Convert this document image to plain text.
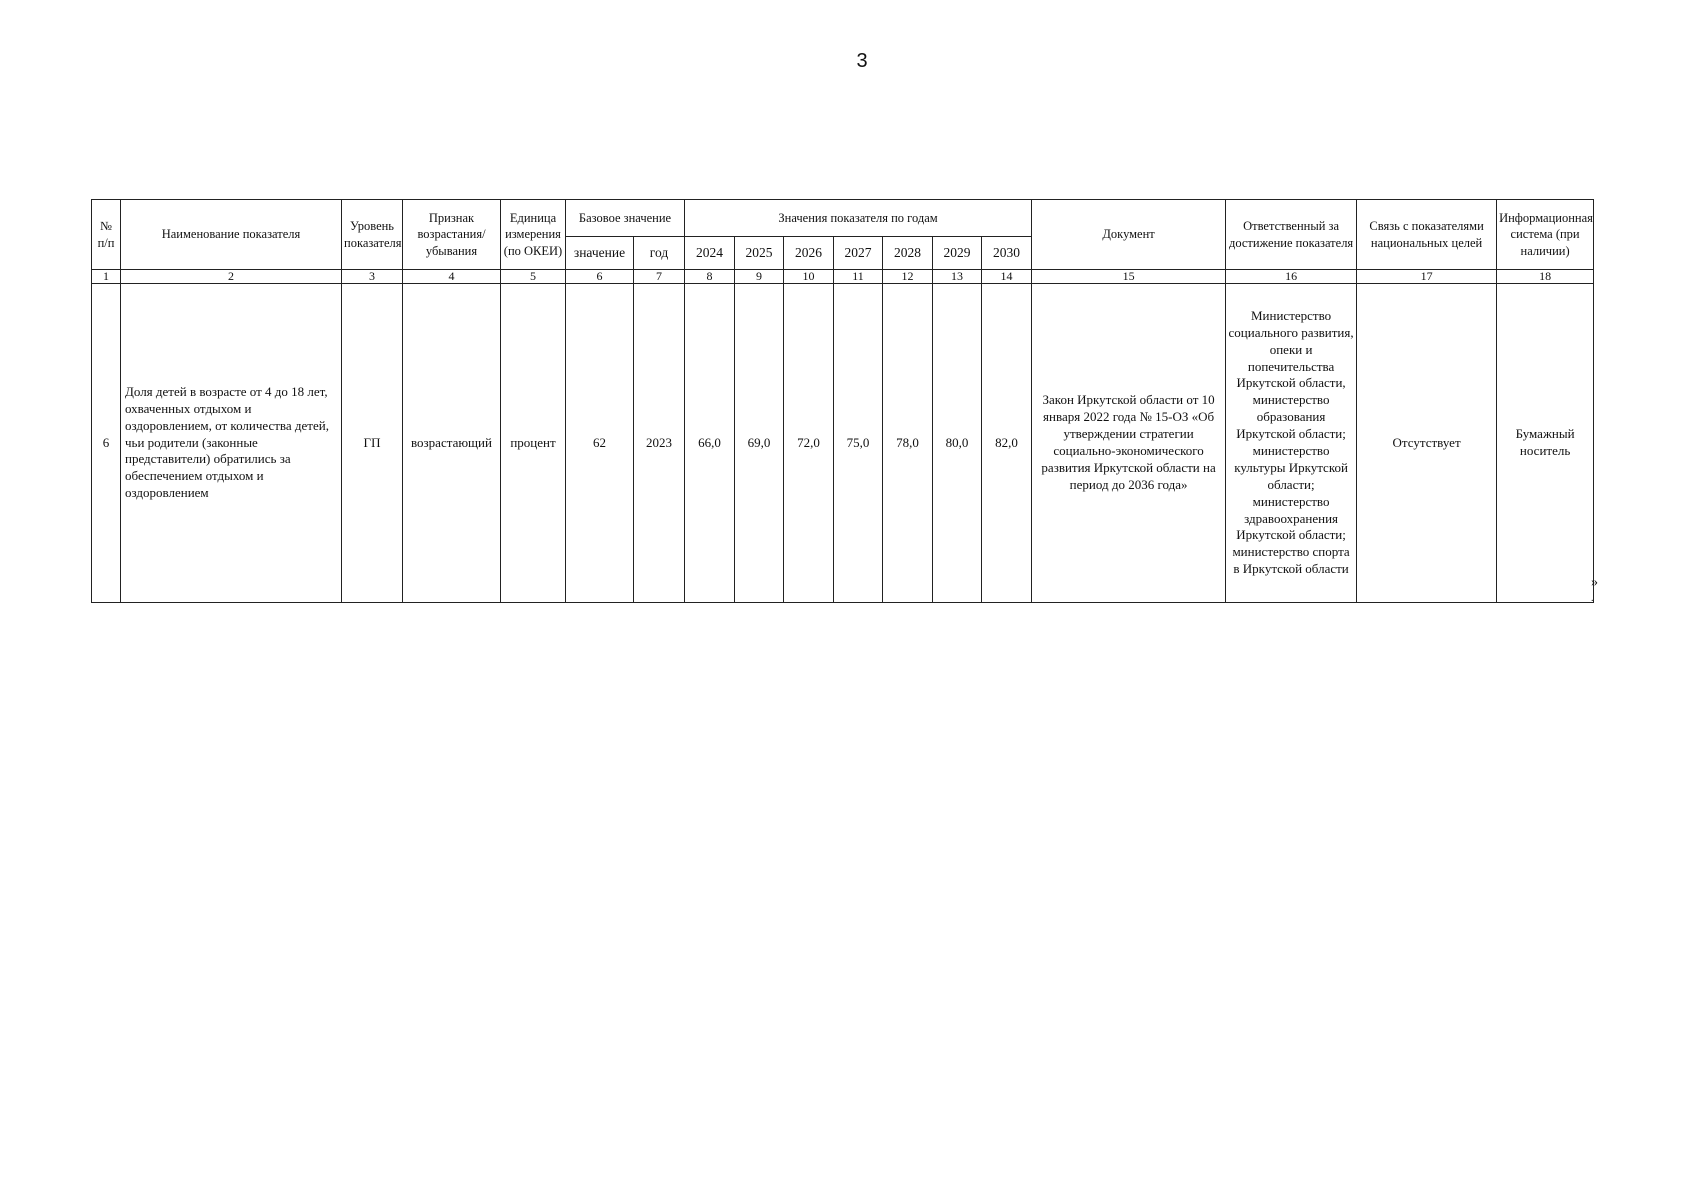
3
№ п/п	Наименование показателя	Уровень показателя	Признак возрастания/убывания	Единица измерения (по ОКЕИ)	Базовое значение		Значения показателя по годам							Документ	Ответственный за достижение показателя	Связь с показателями национальных целей	Информационная система (при наличии)
					значение	год	2024	2025	2026	2027	2028	2029	2030				
1	2	3	4	5	6	7	8	9	10	11	12	13	14	15	16	17	18
6	Доля детей в возрасте от 4 до 18 лет, охваченных отдыхом и оздоровлением, от количества детей, чьи родители (законные представители) обратились за обеспечением отдыхом и оздоровлением	ГП	возрастающий	процент	62	2023	66,0	69,0	72,0	75,0	78,0	80,0	82,0	Закон Иркутской области от 10 января 2022 года № 15-ОЗ «Об утверждении стратегии социально-экономического развития Иркутской области на период до 2036 года»	Министерство социального развития, опеки и попечительства Иркутской области, министерство образования Иркутской области; министерство культуры Иркутской области; министерство здравоохранения Иркутской области; министерство спорта в Иркутской области	Отсутствует	Бумажный носитель
»
.
